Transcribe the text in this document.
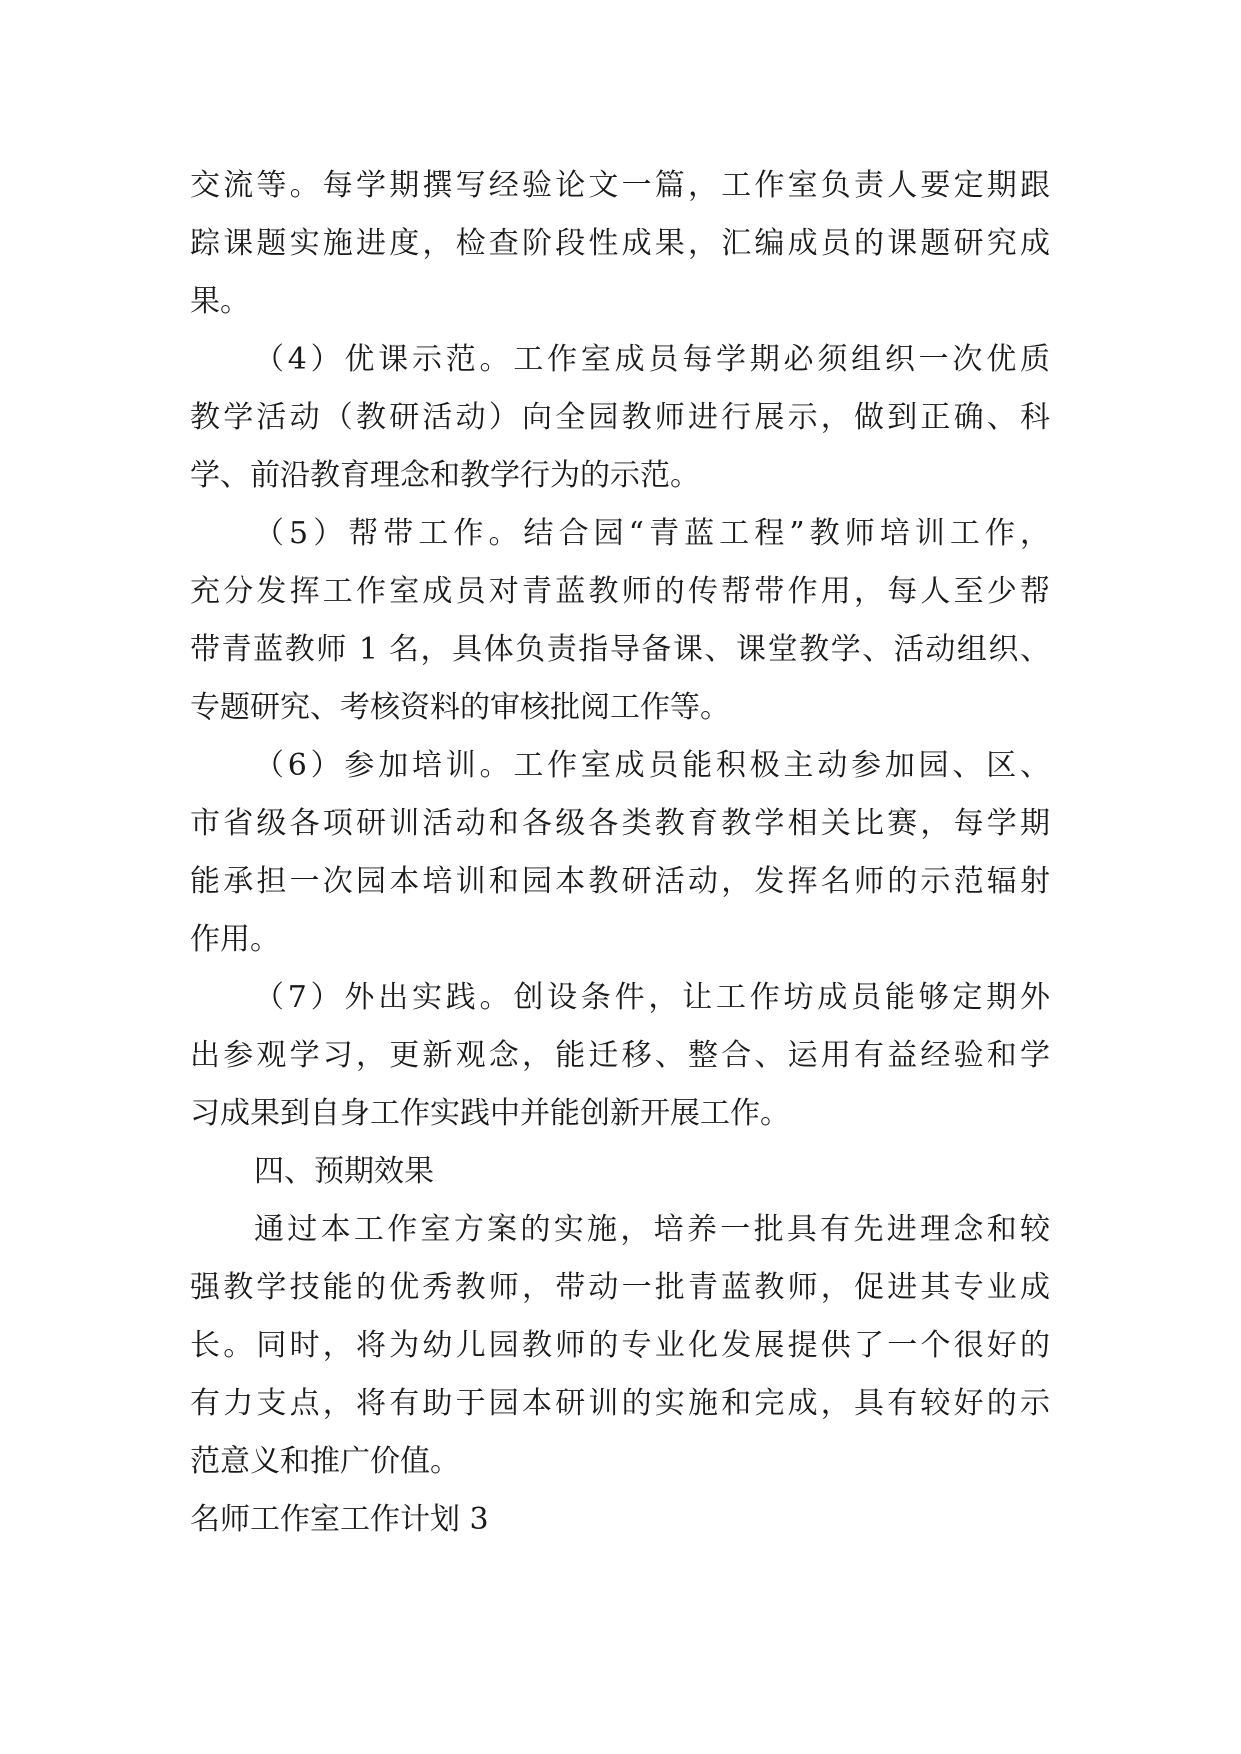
交流等。每学期撰写经验论文一篇，工作室负责人要定期跟
踪课题实施进度，检查阶段性成果，汇编成员的课题研究成
果。
（4）优课示范。工作室成员每学期必须组织一次优质
教学活动（教研活动）向全园教师进行展示，做到正确、科
学、前沿教育理念和教学行为的示范。
（5）帮带工作。结合园“青蓝工程”教师培训工作，
充分发挥工作室成员对青蓝教师的传帮带作用，每人至少帮
带青蓝教师 1 名，具体负责指导备课、课堂教学、活动组织、
专题研究、考核资料的审核批阅工作等。
（6）参加培训。工作室成员能积极主动参加园、区、
市省级各项研训活动和各级各类教育教学相关比赛，每学期
能承担一次园本培训和园本教研活动，发挥名师的示范辐射
作用。
（7）外出实践。创设条件，让工作坊成员能够定期外
出参观学习，更新观念，能迁移、整合、运用有益经验和学
习成果到自身工作实践中并能创新开展工作。
四、预期效果
通过本工作室方案的实施，培养一批具有先进理念和较
强教学技能的优秀教师，带动一批青蓝教师，促进其专业成
长。同时，将为幼儿园教师的专业化发展提供了一个很好的
有力支点，将有助于园本研训的实施和完成，具有较好的示
范意义和推广价值。
名师工作室工作计划 3
